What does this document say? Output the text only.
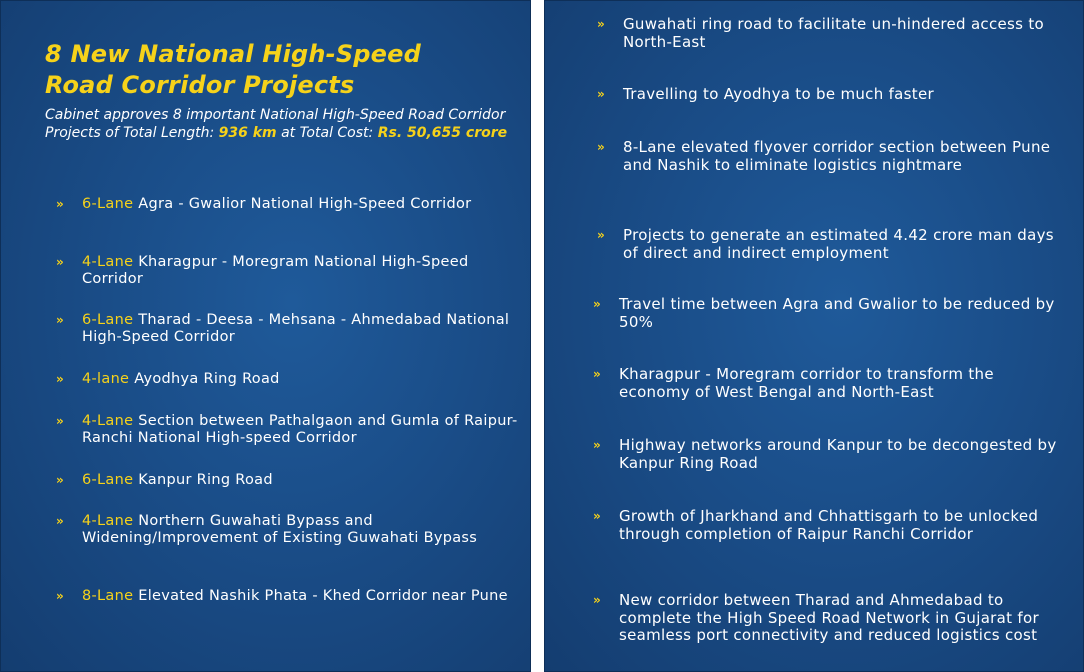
8 New National High-Speed
Road Corridor Projects
Cabinet approves 8 important National High-Speed Road Corridor Projects of Total Length: 936 km at Total Cost: Rs. 50,655 crore
» 6-Lane Agra - Gwalior National High-Speed Corridor
» 4-Lane Kharagpur - Moregram National High-Speed Corridor
» 6-Lane Tharad - Deesa - Mehsana - Ahmedabad National High-Speed Corridor
» 4-lane Ayodhya Ring Road
» 4-Lane Section between Pathalgaon and Gumla of Raipur-Ranchi National High-speed Corridor
» 6-Lane Kanpur Ring Road
» 4-Lane Northern Guwahati Bypass and Widening/Improvement of Existing Guwahati Bypass
» 8-Lane Elevated Nashik Phata - Khed Corridor near Pune
» Guwahati ring road to facilitate un-hindered access to North-East
» Travelling to Ayodhya to be much faster
» 8-Lane elevated flyover corridor section between Pune and Nashik to eliminate logistics nightmare
» Projects to generate an estimated 4.42 crore man days of direct and indirect employment
» Travel time between Agra and Gwalior to be reduced by 50%
» Kharagpur - Moregram corridor to transform the economy of West Bengal and North-East
» Highway networks around Kanpur to be decongested by Kanpur Ring Road
» Growth of Jharkhand and Chhattisgarh to be unlocked through completion of Raipur Ranchi Corridor
» New corridor between Tharad and Ahmedabad to complete the High Speed Road Network in Gujarat for seamless port connectivity and reduced logistics cost
